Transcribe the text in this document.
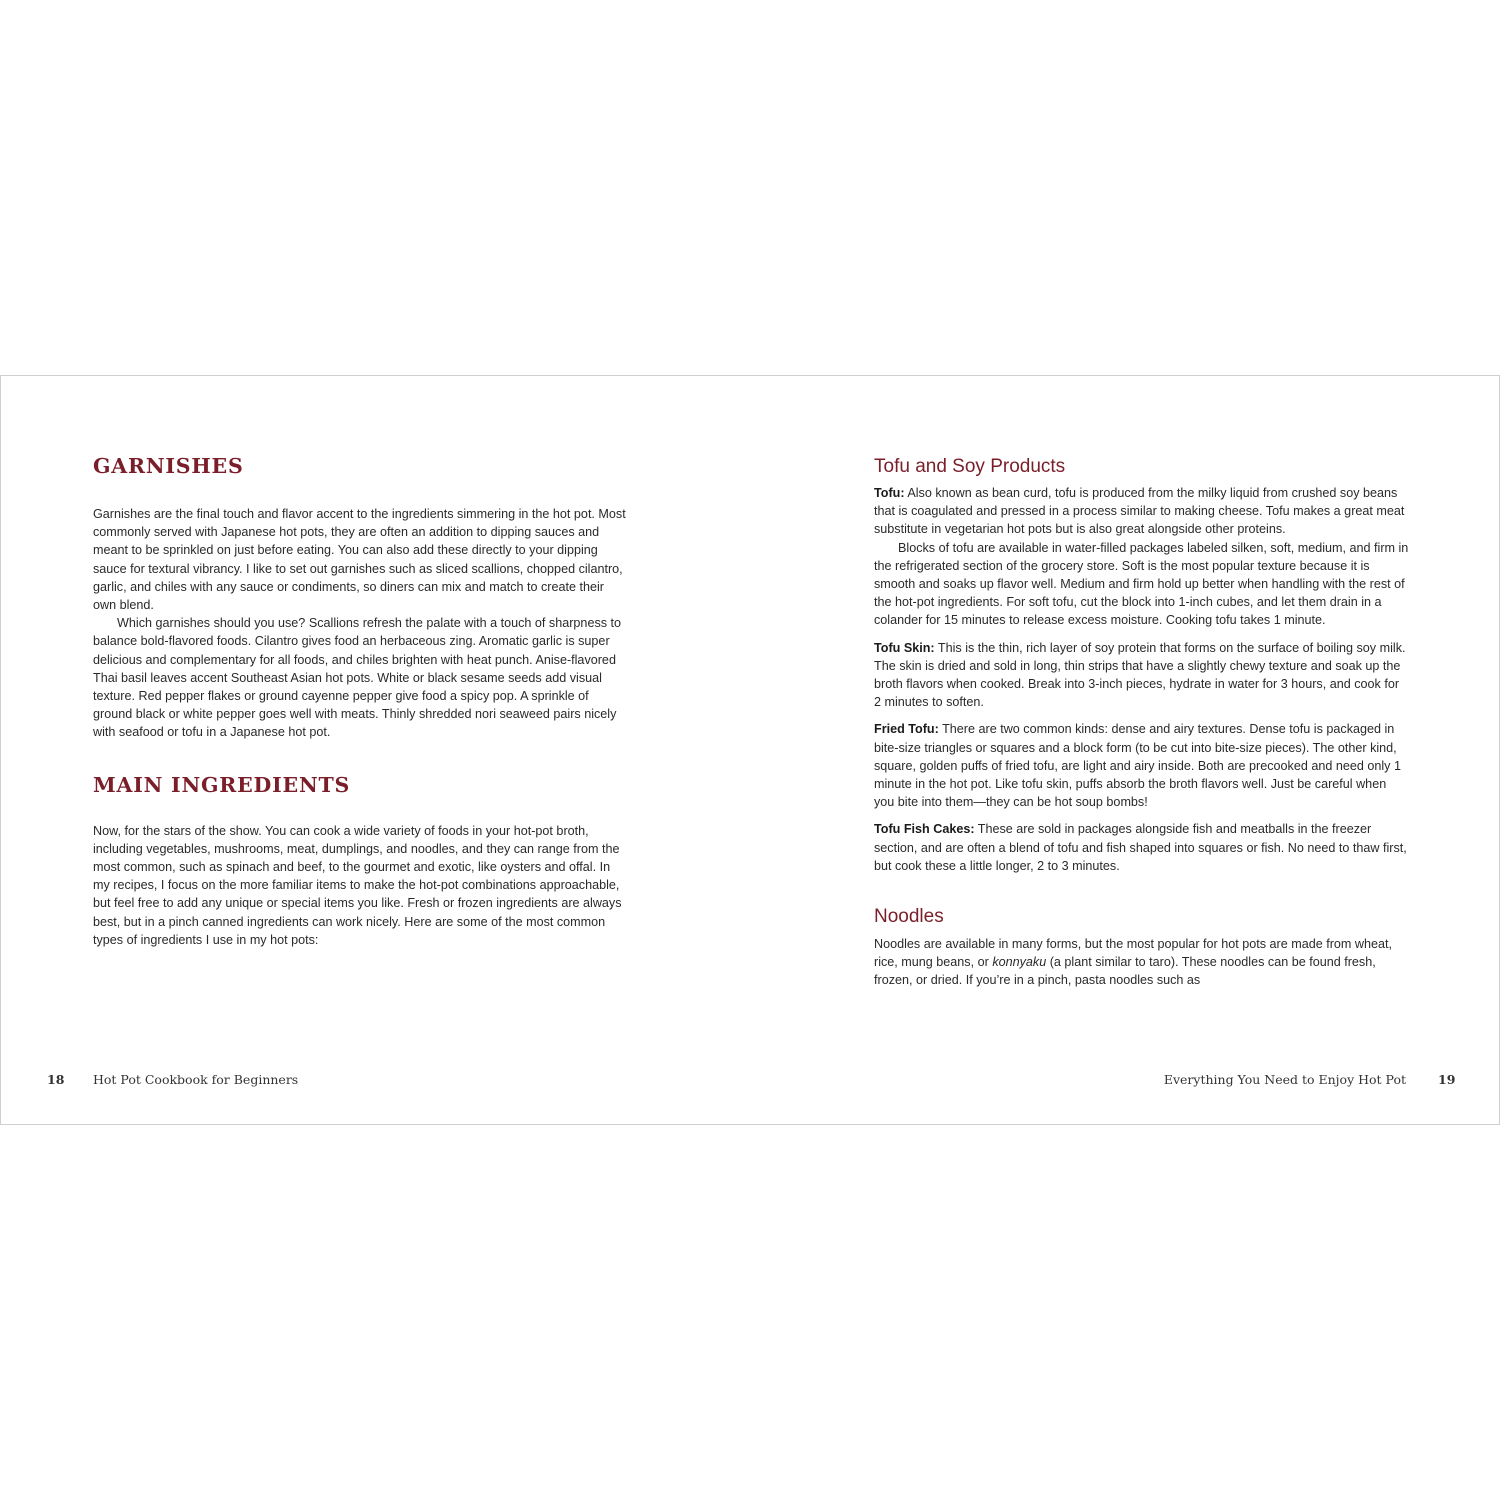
GARNISHES

Garnishes are the final touch and flavor accent to the ingredients simmering in the hot pot. Most commonly served with Japanese hot pots, they are often an addition to dipping sauces and meant to be sprinkled on just before eating. You can also add these directly to your dipping sauce for textural vibrancy. I like to set out garnishes such as sliced scallions, chopped cilantro, garlic, and chiles with any sauce or condiments, so diners can mix and match to create their own blend.

Which garnishes should you use? Scallions refresh the palate with a touch of sharpness to balance bold-flavored foods. Cilantro gives food an herbaceous zing. Aromatic garlic is super delicious and complementary for all foods, and chiles brighten with heat punch. Anise-flavored Thai basil leaves accent Southeast Asian hot pots. White or black sesame seeds add visual texture. Red pepper flakes or ground cayenne pepper give food a spicy pop. A sprinkle of ground black or white pepper goes well with meats. Thinly shredded nori seaweed pairs nicely with seafood or tofu in a Japanese hot pot.

MAIN INGREDIENTS

Now, for the stars of the show. You can cook a wide variety of foods in your hot-pot broth, including vegetables, mushrooms, meat, dumplings, and noodles, and they can range from the most common, such as spinach and beef, to the gourmet and exotic, like oysters and offal. In my recipes, I focus on the more familiar items to make the hot-pot combinations approachable, but feel free to add any unique or special items you like. Fresh or frozen ingredients are always best, but in a pinch canned ingredients can work nicely. Here are some of the most common types of ingredients I use in my hot pots:

Tofu and Soy Products

Tofu: Also known as bean curd, tofu is produced from the milky liquid from crushed soy beans that is coagulated and pressed in a process similar to making cheese. Tofu makes a great meat substitute in vegetarian hot pots but is also great alongside other proteins.

Blocks of tofu are available in water-filled packages labeled silken, soft, medium, and firm in the refrigerated section of the grocery store. Soft is the most popular texture because it is smooth and soaks up flavor well. Medium and firm hold up better when handling with the rest of the hot-pot ingredients. For soft tofu, cut the block into 1-inch cubes, and let them drain in a colander for 15 minutes to release excess moisture. Cooking tofu takes 1 minute.

Tofu Skin: This is the thin, rich layer of soy protein that forms on the surface of boiling soy milk. The skin is dried and sold in long, thin strips that have a slightly chewy texture and soak up the broth flavors when cooked. Break into 3-inch pieces, hydrate in water for 3 hours, and cook for 2 minutes to soften.

Fried Tofu: There are two common kinds: dense and airy textures. Dense tofu is packaged in bite-size triangles or squares and a block form (to be cut into bite-size pieces). The other kind, square, golden puffs of fried tofu, are light and airy inside. Both are precooked and need only 1 minute in the hot pot. Like tofu skin, puffs absorb the broth flavors well. Just be careful when you bite into them—they can be hot soup bombs!

Tofu Fish Cakes: These are sold in packages alongside fish and meatballs in the freezer section, and are often a blend of tofu and fish shaped into squares or fish. No need to thaw first, but cook these a little longer, 2 to 3 minutes.

Noodles

Noodles are available in many forms, but the most popular for hot pots are made from wheat, rice, mung beans, or konnyaku (a plant similar to taro). These noodles can be found fresh, frozen, or dried. If you’re in a pinch, pasta noodles such as

18 Hot Pot Cookbook for Beginners	Everything You Need to Enjoy Hot Pot	19
